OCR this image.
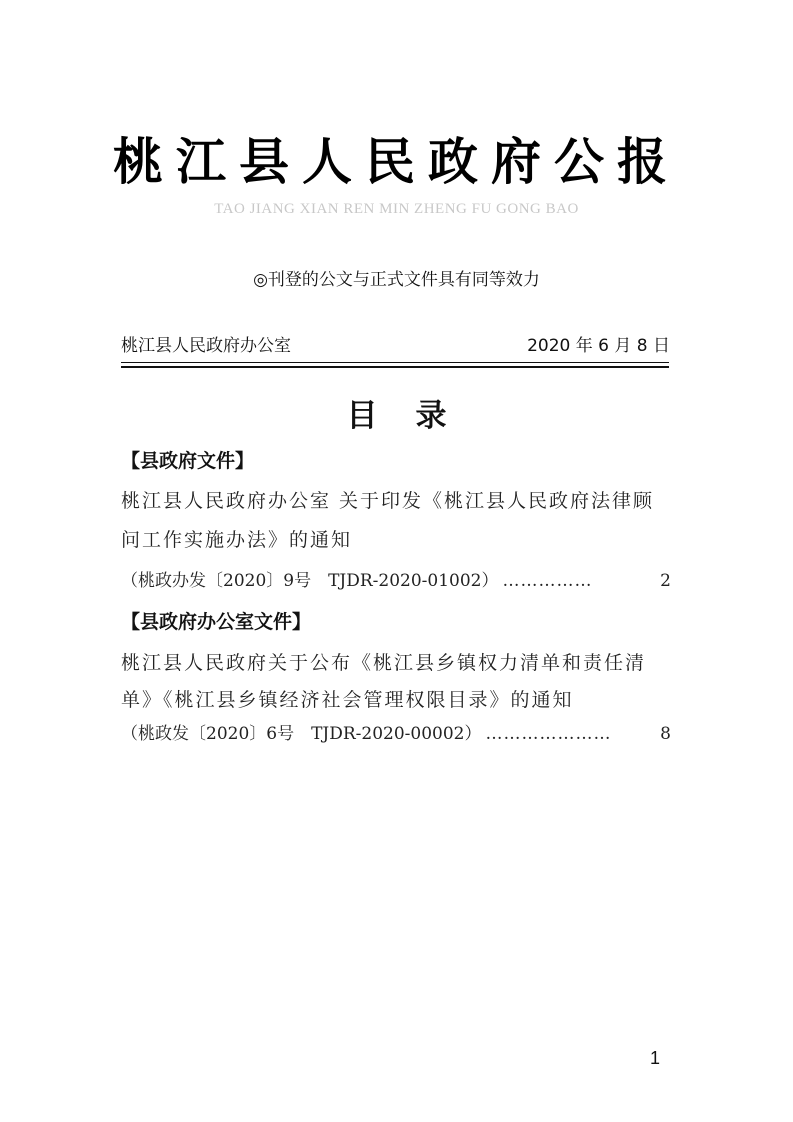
桃江县人民政府公报
TAO JIANG XIAN REN MIN ZHENG FU GONG BAO
◎刊登的公文与正式文件具有同等效力
桃江县人民政府办公室	2020 年 6 月 8 日
目录
【县政府文件】
桃江县人民政府办公室 关于印发《桃江县人民政府法律顾
问工作实施办法》的通知
（桃政办发〔2020〕9号　TJDR-2020-01002） ……………	2
【县政府办公室文件】
桃江县人民政府关于公布《桃江县乡镇权力清单和责任清
单》《桃江县乡镇经济社会管理权限目录》的通知
（桃政发〔2020〕6号　TJDR-2020-00002） …………………	8
1
